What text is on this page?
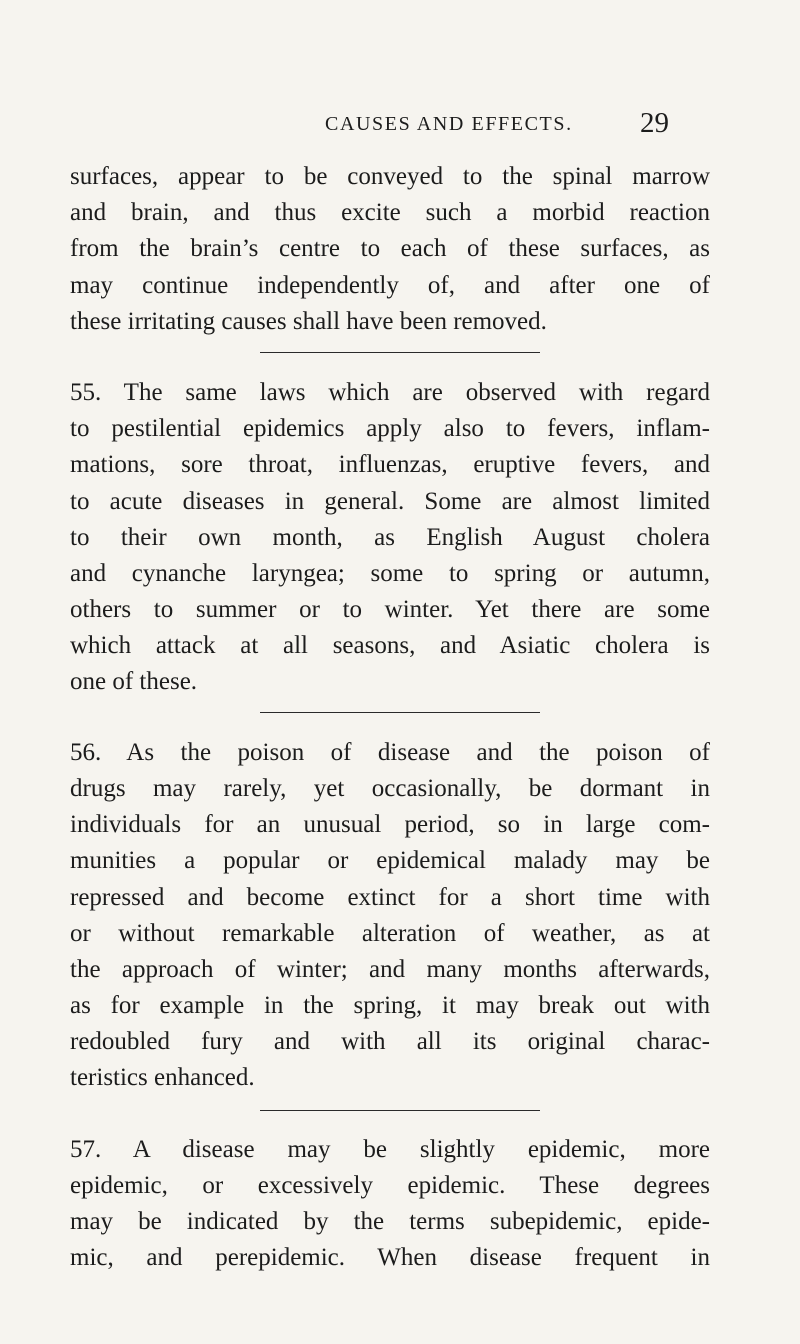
CAUSES AND EFFECTS. 29
surfaces, appear to be conveyed to the spinal marrow
and brain, and thus excite such a morbid reaction
from the brain’s centre to each of these surfaces, as
may continue independently of, and after one of
these irritating causes shall have been removed.
55. The same laws which are observed with regard
to pestilential epidemics apply also to fevers, inflam-
mations, sore throat, influenzas, eruptive fevers, and
to acute diseases in general. Some are almost limited
to their own month, as English August cholera
and cynanche laryngea; some to spring or autumn,
others to summer or to winter. Yet there are some
which attack at all seasons, and Asiatic cholera is
one of these.
56. As the poison of disease and the poison of
drugs may rarely, yet occasionally, be dormant in
individuals for an unusual period, so in large com-
munities a popular or epidemical malady may be
repressed and become extinct for a short time with
or without remarkable alteration of weather, as at
the approach of winter; and many months afterwards,
as for example in the spring, it may break out with
redoubled fury and with all its original charac-
teristics enhanced.
57. A disease may be slightly epidemic, more
epidemic, or excessively epidemic. These degrees
may be indicated by the terms subepidemic, epide-
mic, and perepidemic. When disease frequent in
